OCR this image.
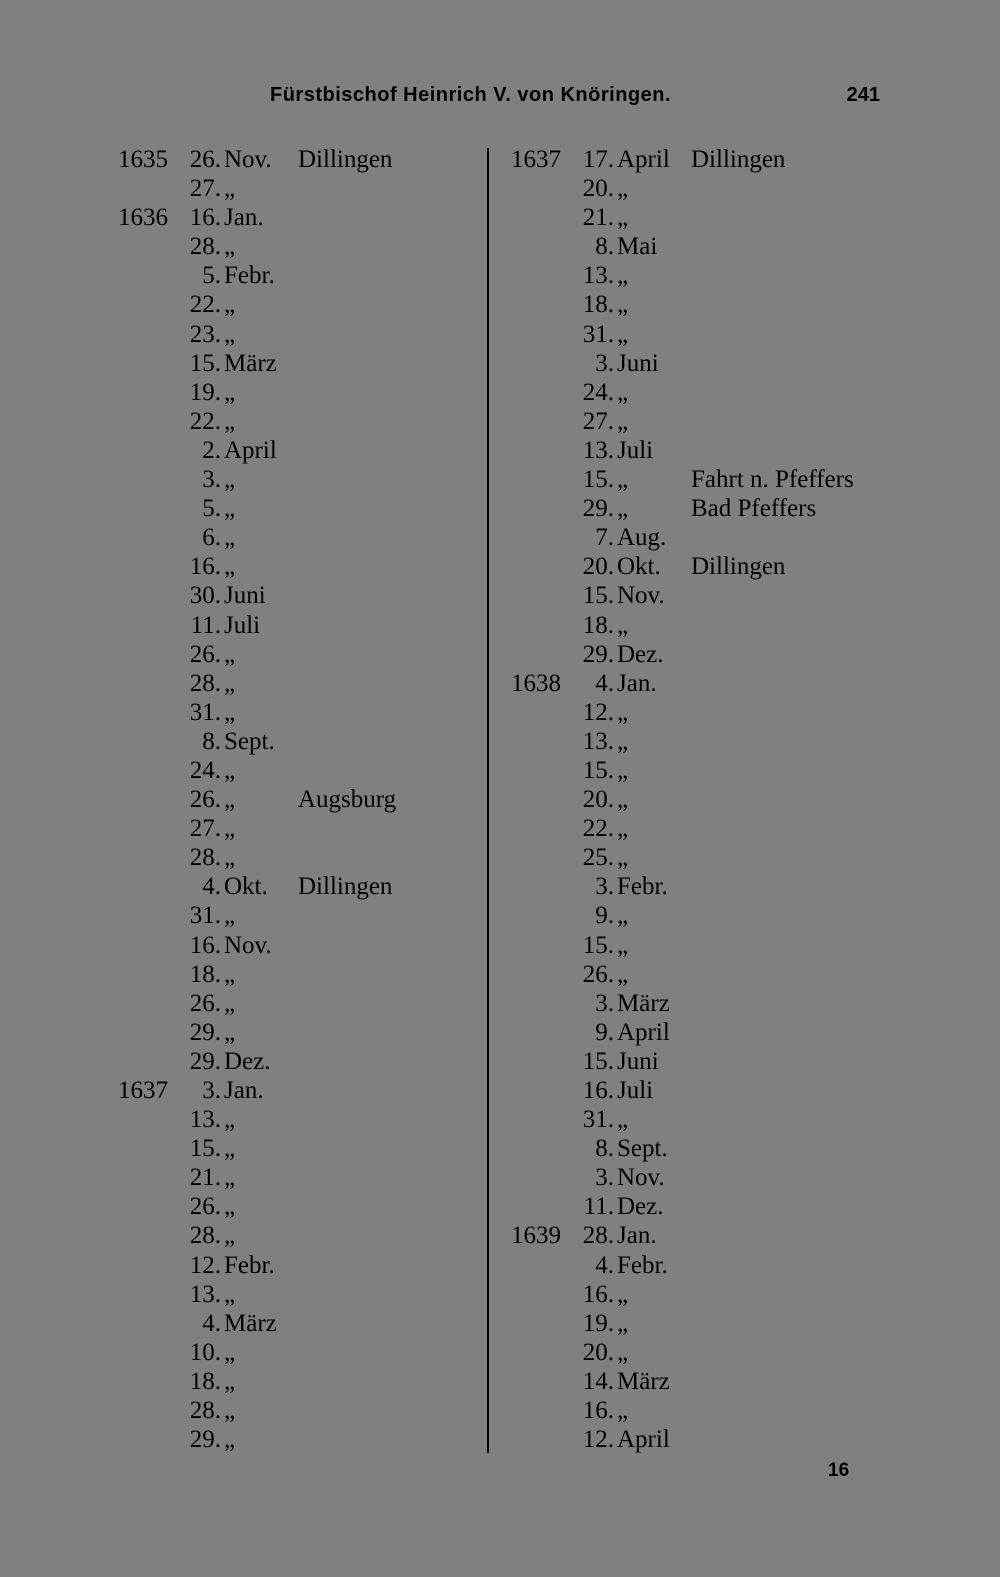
Fürstbischof Heinrich V. von Knöringen.	241
1635 26. Nov. Dillingen
27. „
1636 16. Jan.
28. „
5. Febr.
22. „
23. „
15. März
19. „
22. „
2. April
3. „
5. „
6. „
16. „
30. Juni
11. Juli
26. „
28. „
31. „
8. Sept.
24. „
26. „	Augsburg
27. „
28. „
4. Okt. Dillingen
31. „
16. Nov.
18. „
26. „
29. „
29. Dez.
1637 3. Jan.
13. „
15. „
21. „
26. „
28. „
12. Febr.
13. „
4. März
10. „
18. „
28. „
29. „
1637 17. April Dillingen
20. „
21. „
8. Mai
13. „
18. „
31. „
3. Juni
24. „
27. „
13. Juli
15. „	Fahrt n. Pfeffers
29. „	Bad Pfeffers
7. Aug.
20. Okt. Dillingen
15. Nov.
18. „
29. Dez.
1638 4. Jan.
12. „
13. „
15. „
20. „
22. „
25. „
3. Febr.
9. „
15. „
26. „
3. März
9. April
15. Juni
16. Juli
31. „
8. Sept.
3. Nov.
11. Dez.
1639 28. Jan.
4. Febr.
16. „
19. „
20. „
14. März
16. „
12. April
16
